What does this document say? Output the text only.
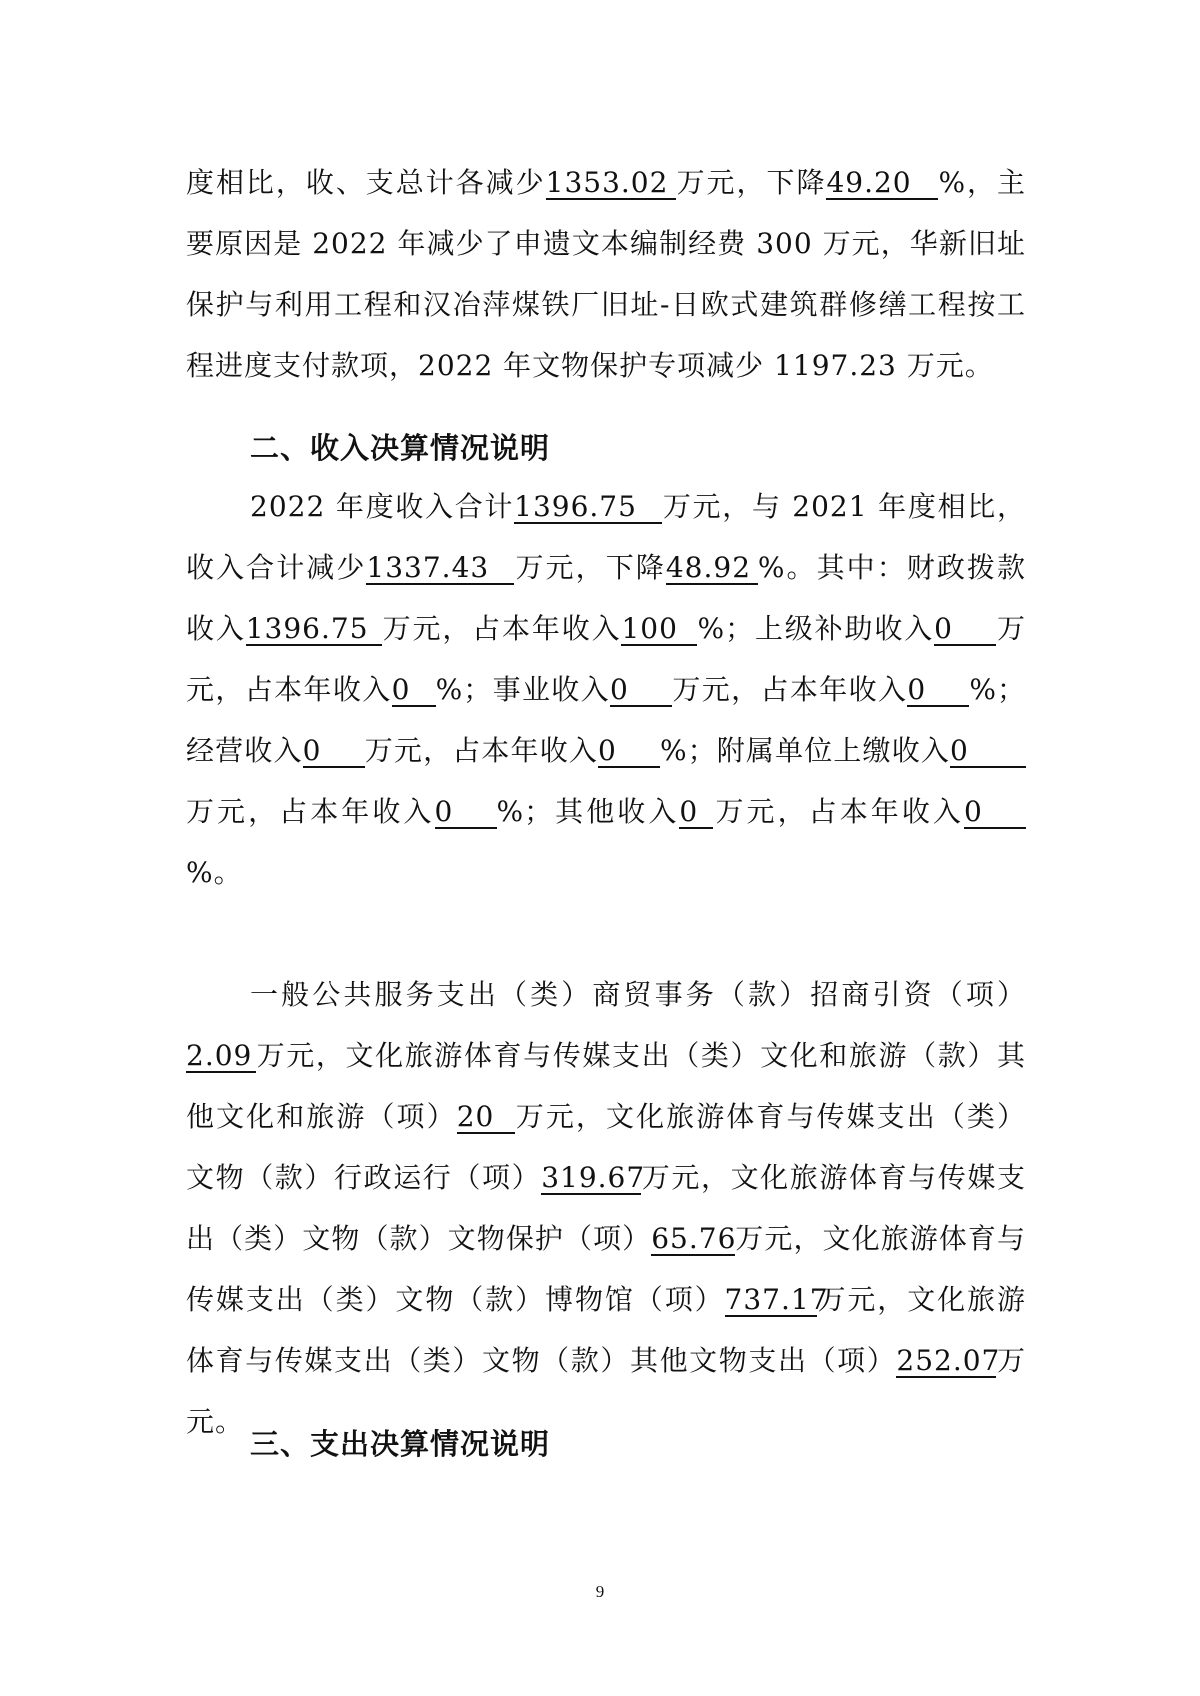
度相比，收、支总计各减少1353.02 万元，下降49.20 %，主要原因是 2022 年减少了申遗文本编制经费 300 万元，华新旧址保护与利用工程和汉冶萍煤铁厂旧址-日欧式建筑群修缮工程按工程进度支付款项，2022 年文物保护专项减少 1197.23 万元。

二、收入决算情况说明

2022 年度收入合计1396.75 万元，与 2021 年度相比，收入合计减少1337.43 万元，下降48.92 %。其中：财政拨款收入1396.75 万元，占本年收入100 %；上级补助收入0 万元，占本年收入0 %；事业收入0 万元，占本年收入0 %；经营收入0 万元，占本年收入0 %；附属单位上缴收入0万元，占本年收入0 %；其他收入0 万元，占本年收入0%。

一般公共服务支出（类）商贸事务（款）招商引资（项）2.09 万元，文化旅游体育与传媒支出（类）文化和旅游（款）其他文化和旅游（项）20 万元，文化旅游体育与传媒支出（类）文物（款）行政运行（项）319.67万元，文化旅游体育与传媒支出（类）文物（款）文物保护（项）65.76万元，文化旅游体育与传媒支出（类）文物（款）博物馆（项）737.17万元，文化旅游体育与传媒支出（类）文物（款）其他文物支出（项）252.07万元。

三、支出决算情况说明
9
